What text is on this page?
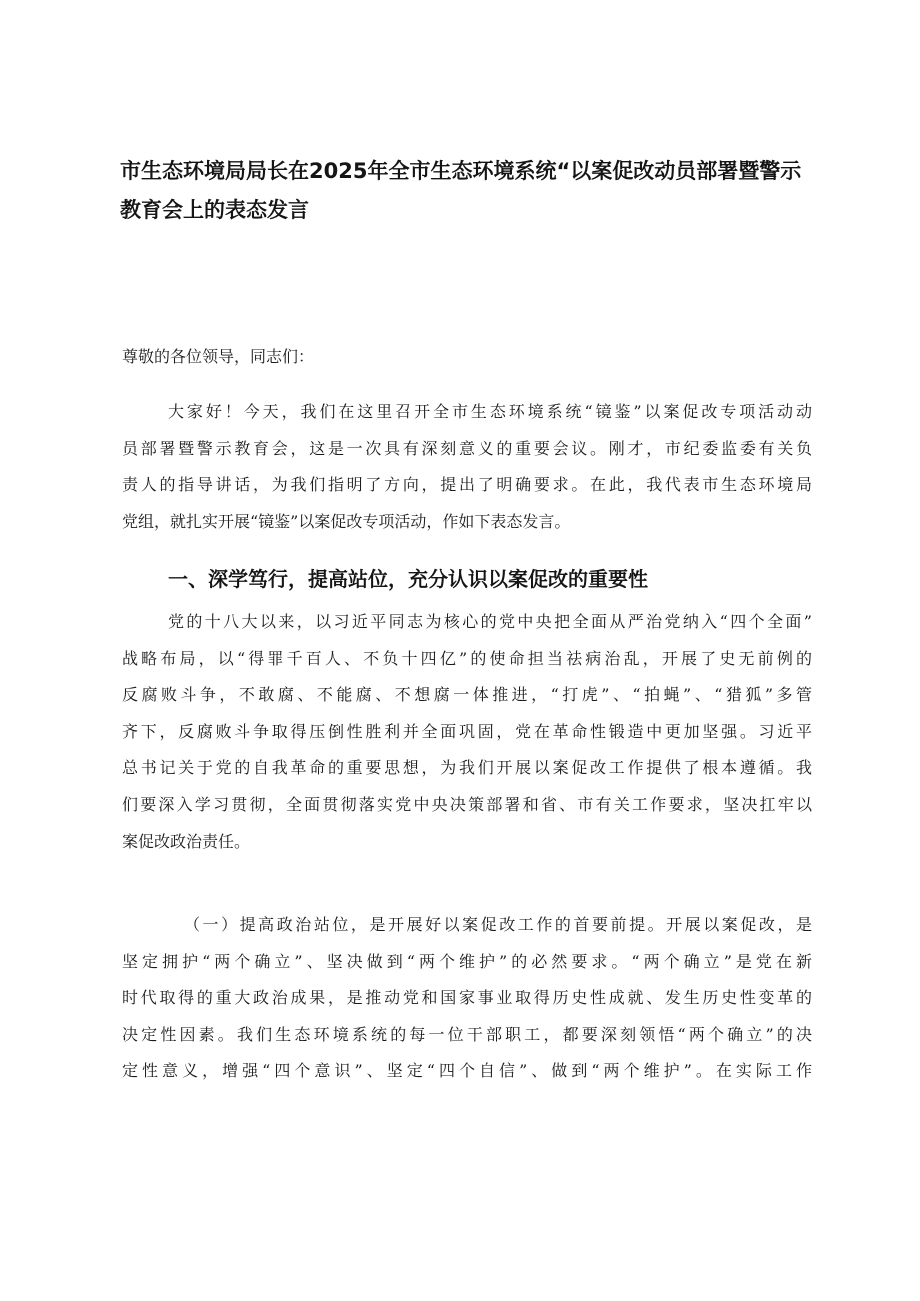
市生态环境局局长在2025年全市生态环境系统“以案促改动员部署暨警示
教育会上的表态发言
尊敬的各位领导，同志们：
大家好！今天，我们在这里召开全市生态环境系统“镜鉴”以案促改专项活动动
员部署暨警示教育会，这是一次具有深刻意义的重要会议。刚才，市纪委监委有关负
责人的指导讲话，为我们指明了方向，提出了明确要求。在此，我代表市生态环境局
党组，就扎实开展“镜鉴”以案促改专项活动，作如下表态发言。
一、深学笃行，提高站位，充分认识以案促改的重要性
党的十八大以来，以习近平同志为核心的党中央把全面从严治党纳入“四个全面”
战略布局，以“得罪千百人、不负十四亿”的使命担当祛病治乱，开展了史无前例的
反腐败斗争，不敢腐、不能腐、不想腐一体推进，“打虎”、“拍蝇”、“猎狐”多管
齐下，反腐败斗争取得压倒性胜利并全面巩固，党在革命性锻造中更加坚强。习近平
总书记关于党的自我革命的重要思想，为我们开展以案促改工作提供了根本遵循。我
们要深入学习贯彻，全面贯彻落实党中央决策部署和省、市有关工作要求，坚决扛牢以
案促改政治责任。
（一）提高政治站位，是开展好以案促改工作的首要前提。开展以案促改，是
坚定拥护“两个确立”、坚决做到“两个维护”的必然要求。“两个确立”是党在新
时代取得的重大政治成果，是推动党和国家事业取得历史性成就、发生历史性变革的
决定性因素。我们生态环境系统的每一位干部职工，都要深刻领悟“两个确立”的决
定性意义，增强“四个意识”、坚定“四个自信”、做到“两个维护”。在实际工作
